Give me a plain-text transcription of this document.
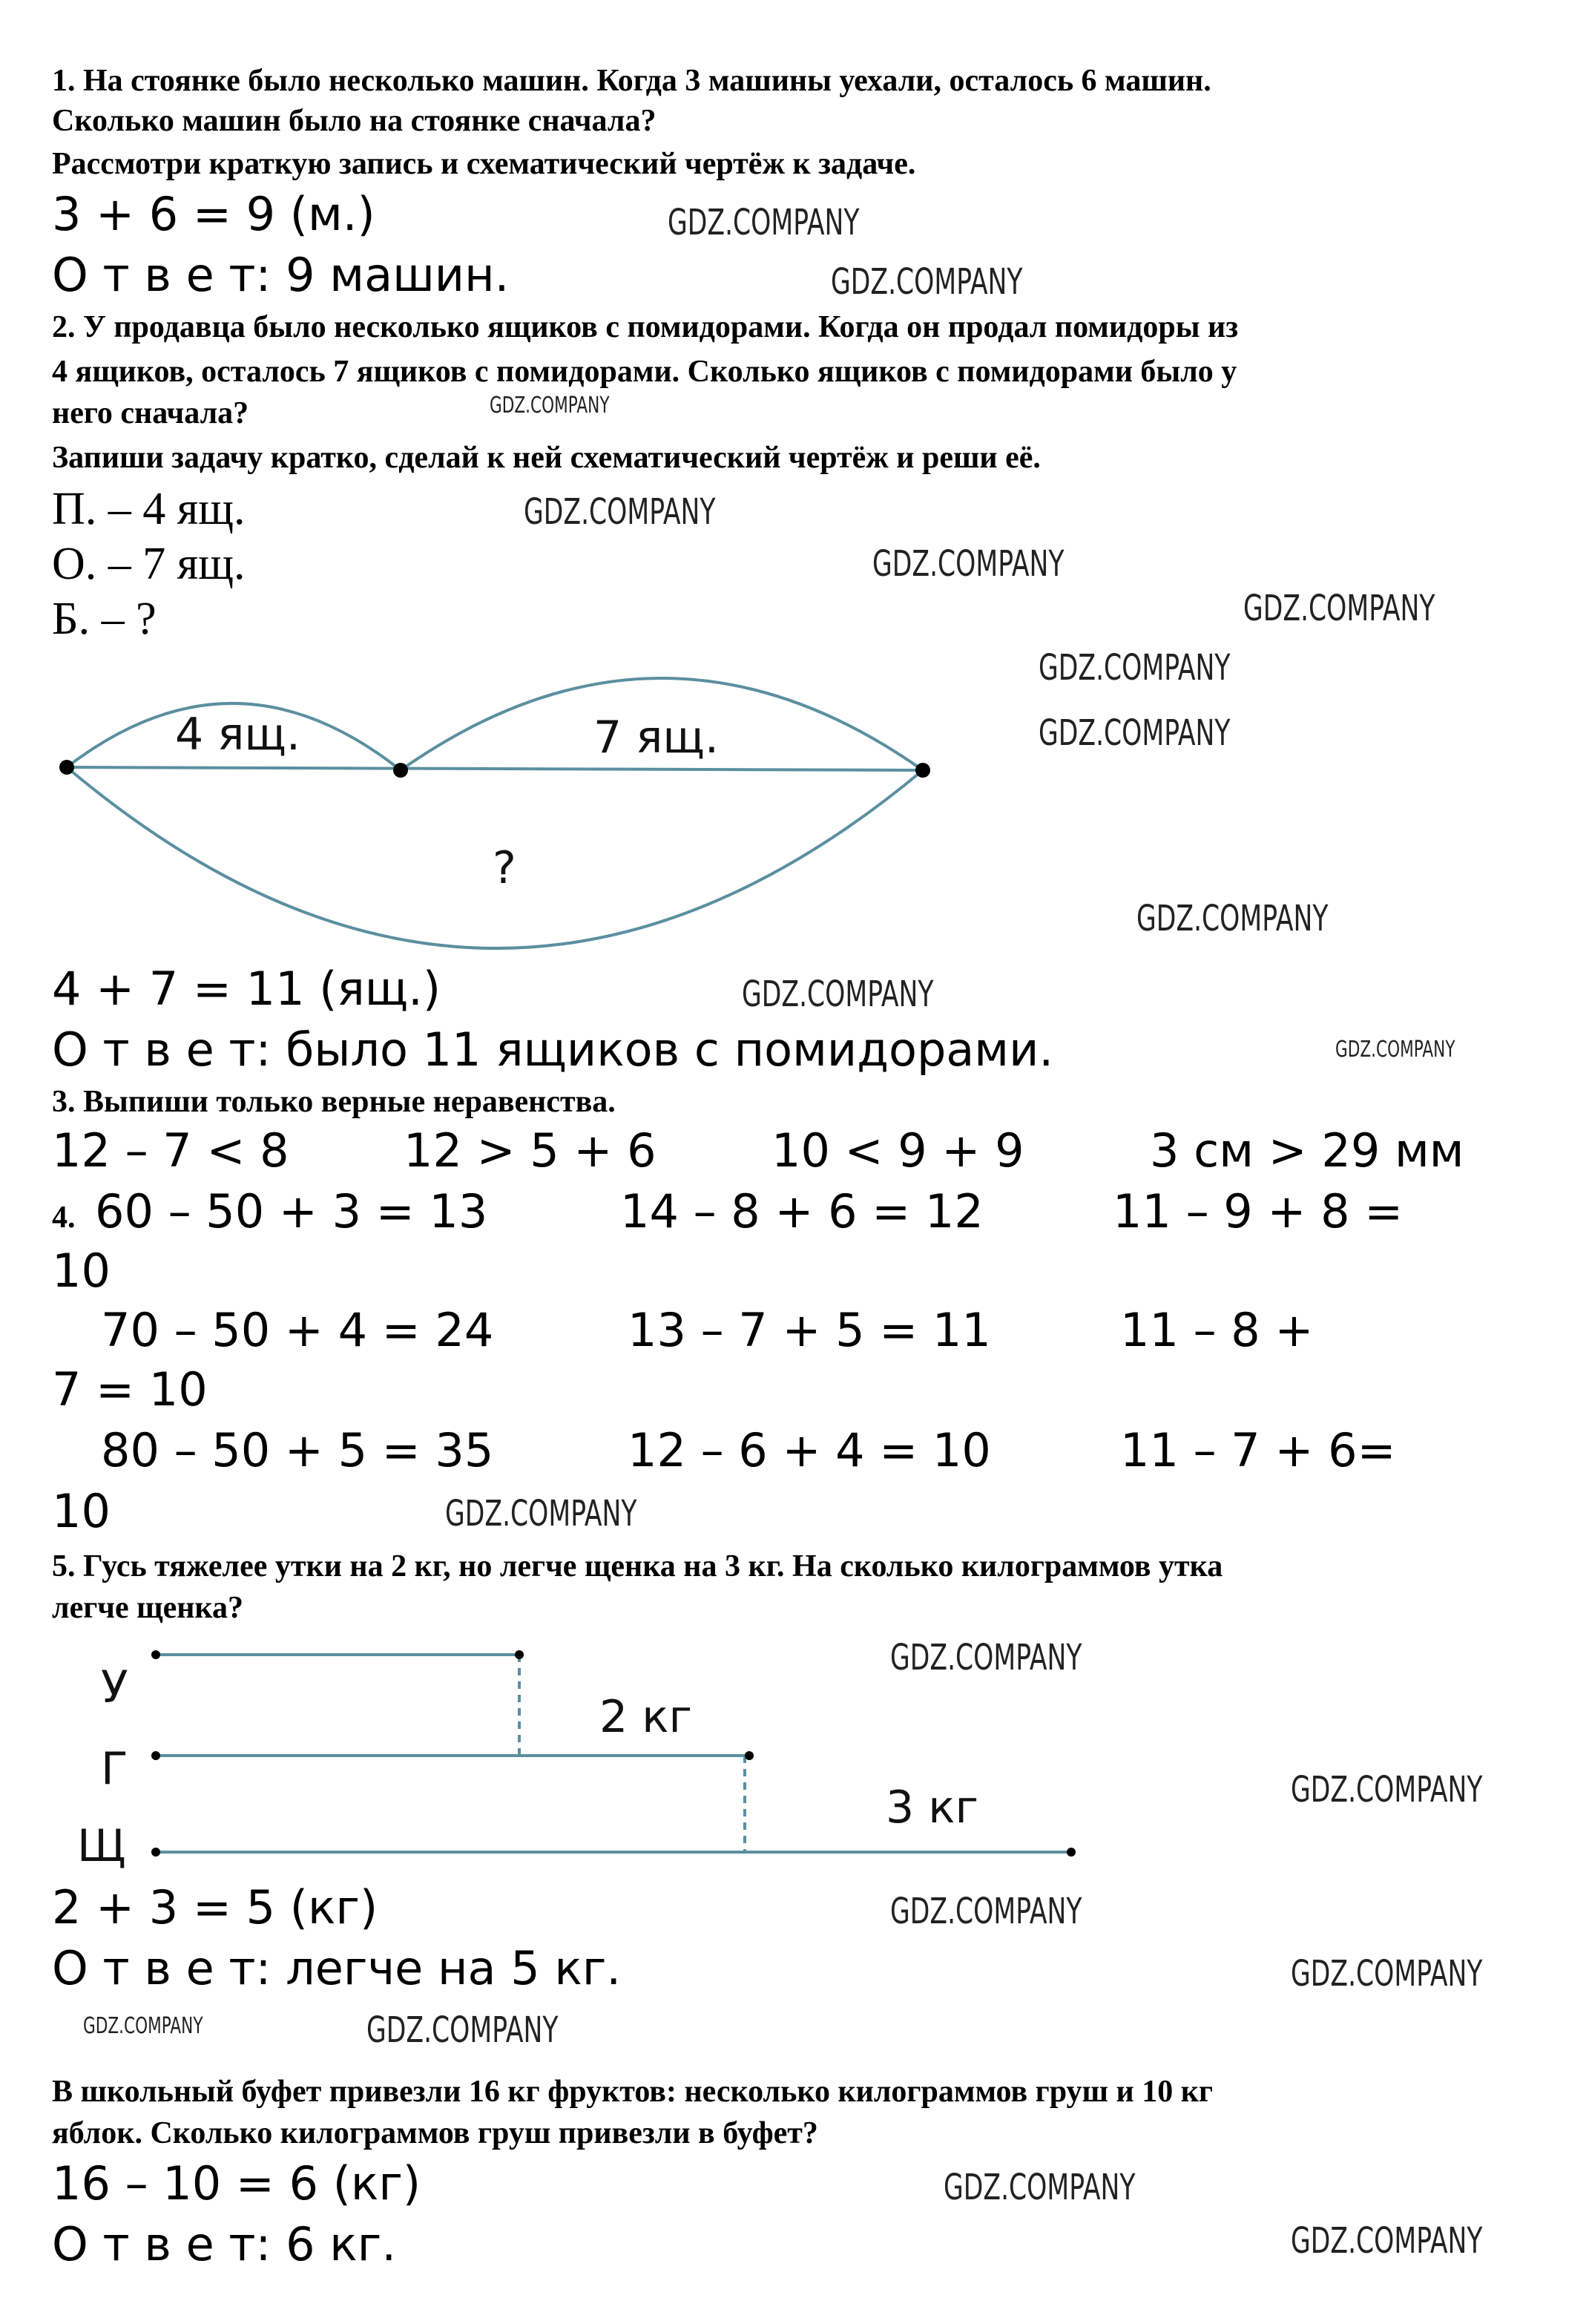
1. На стоянке было несколько машин. Когда 3 машины уехали, осталось 6 машин.
Сколько машин было на стоянке сначала?
Рассмотри краткую запись и схематический чертёж к задаче.
3 + 6 = 9 (м.)
О т в е т: 9 машин.
2. У продавца было несколько ящиков с помидорами. Когда он продал помидоры из
4 ящиков, осталось 7 ящиков с помидорами. Сколько ящиков с помидорами было у
него сначала?
Запиши задачу кратко, сделай к ней схематический чертёж и реши её.
П. – 4 ящ.
О. – 7 ящ.
Б. – ?
4 ящ.	7 ящ.
?
4 + 7 = 11 (ящ.)
О т в е т: было 11 ящиков с помидорами.
3. Выпиши только верные неравенства.
12 – 7 < 8	12 > 5 + 6	10 < 9 + 9	3 см > 29 мм
4. 60 – 50 + 3 = 13	14 – 8 + 6 = 12	11 – 9 + 8 =
10
70 – 50 + 4 = 24	13 – 7 + 5 = 11	11 – 8 +
7 = 10
80 – 50 + 5 = 35	12 – 6 + 4 = 10	11 – 7 + 6=
10
5. Гусь тяжелее утки на 2 кг, но легче щенка на 3 кг. На сколько килограммов утка
легче щенка?
У
Г
Щ
2 кг
3 кг
2 + 3 = 5 (кг)
О т в е т: легче на 5 кг.
В школьный буфет привезли 16 кг фруктов: несколько килограммов груш и 10 кг
яблок. Сколько килограммов груш привезли в буфет?
16 – 10 = 6 (кг)
О т в е т: 6 кг.
GDZ.COMPANY
GDZ.COMPANY
GDZ.COMPANY
GDZ.COMPANY
GDZ.COMPANY
GDZ.COMPANY
GDZ.COMPANY
GDZ.COMPANY
GDZ.COMPANY
GDZ.COMPANY
GDZ.COMPANY
GDZ.COMPANY
GDZ.COMPANY
GDZ.COMPANY
GDZ.COMPANY
GDZ.COMPANY
GDZ.COMPANY	GDZ.COMPANY
GDZ.COMPANY
GDZ.COMPANY
